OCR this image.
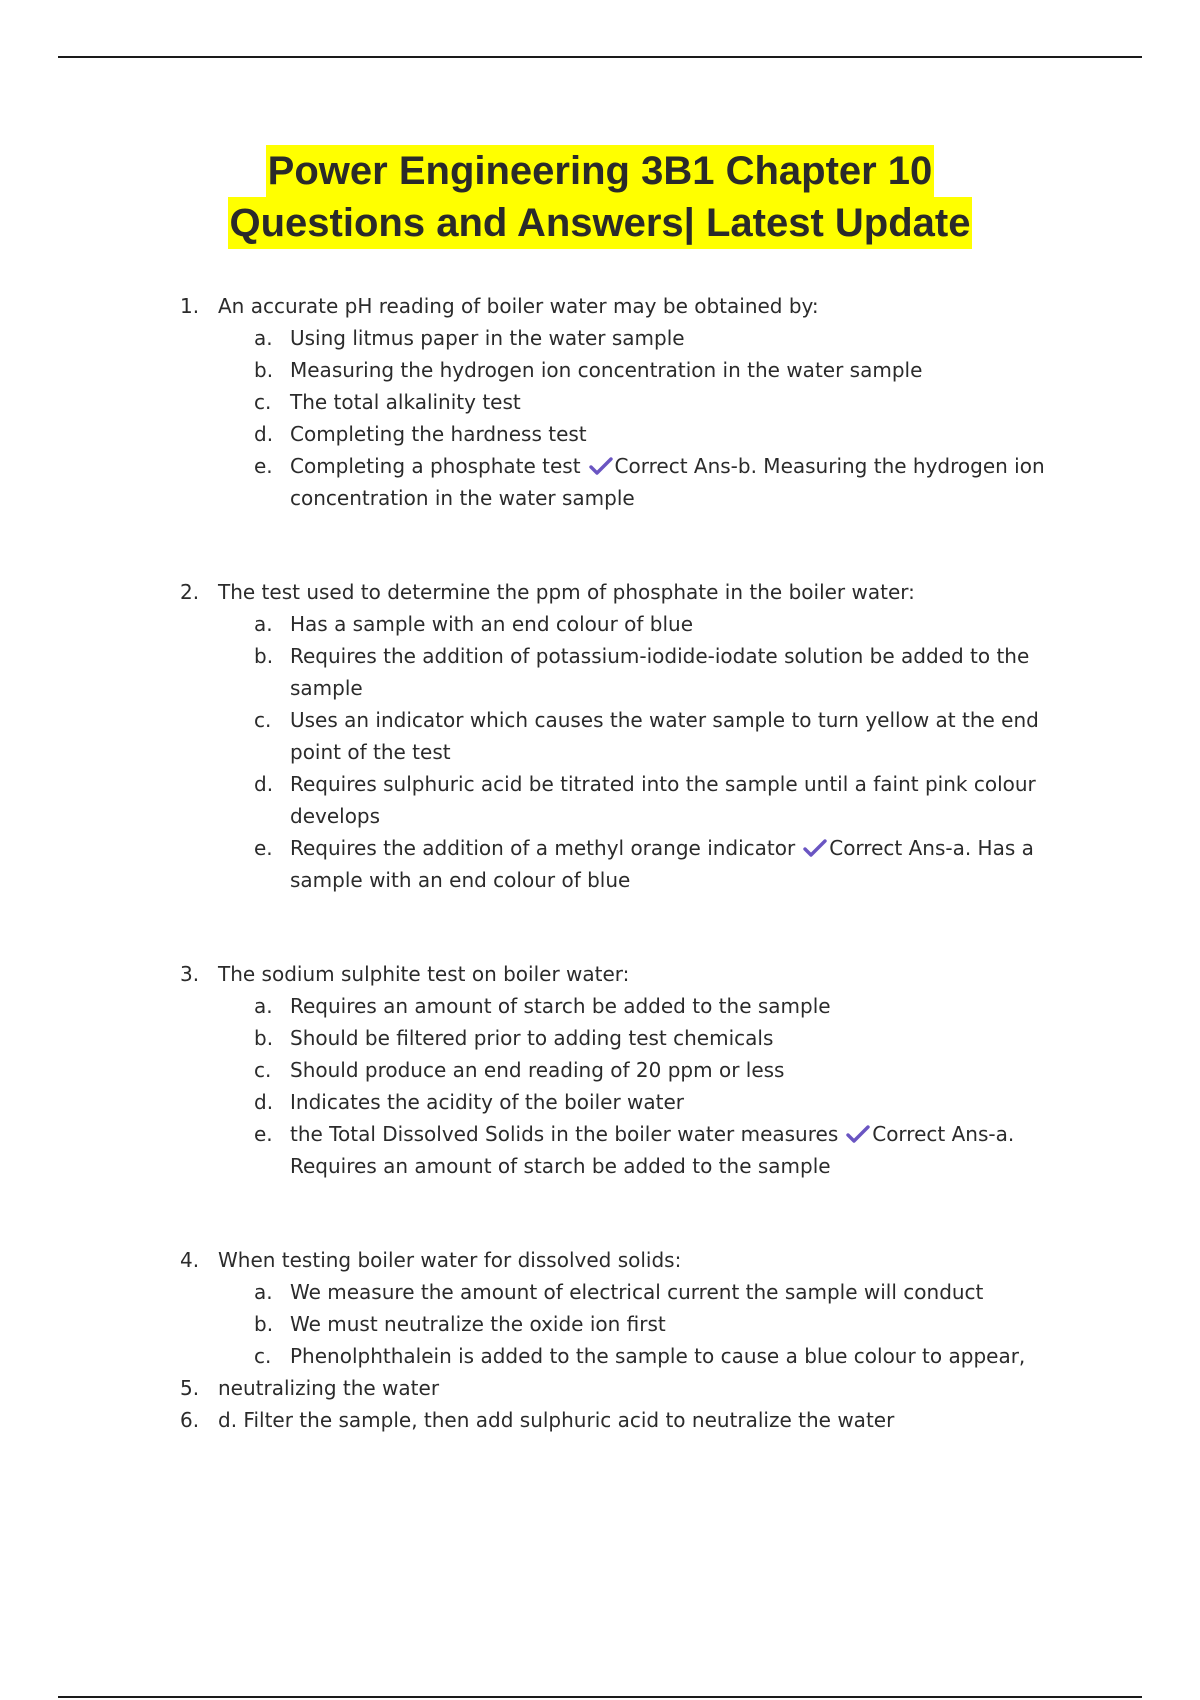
Power Engineering 3B1 Chapter 10
Questions and Answers| Latest Update
1. An accurate pH reading of boiler water may be obtained by:
a. Using litmus paper in the water sample
b. Measuring the hydrogen ion concentration in the water sample
c. The total alkalinity test
d. Completing the hardness test
e. Completing a phosphate test Correct Ans-b. Measuring the hydrogen ion concentration in the water sample
2. The test used to determine the ppm of phosphate in the boiler water:
a. Has a sample with an end colour of blue
b. Requires the addition of potassium-iodide-iodate solution be added to the sample
c. Uses an indicator which causes the water sample to turn yellow at the end point of the test
d. Requires sulphuric acid be titrated into the sample until a faint pink colour develops
e. Requires the addition of a methyl orange indicator Correct Ans-a. Has a sample with an end colour of blue
3. The sodium sulphite test on boiler water:
a. Requires an amount of starch be added to the sample
b. Should be filtered prior to adding test chemicals
c. Should produce an end reading of 20 ppm or less
d. Indicates the acidity of the boiler water
e. the Total Dissolved Solids in the boiler water measures Correct Ans-a. Requires an amount of starch be added to the sample
4. When testing boiler water for dissolved solids:
a. We measure the amount of electrical current the sample will conduct
b. We must neutralize the oxide ion first
c. Phenolphthalein is added to the sample to cause a blue colour to appear,
5. neutralizing the water
6. d. Filter the sample, then add sulphuric acid to neutralize the water
